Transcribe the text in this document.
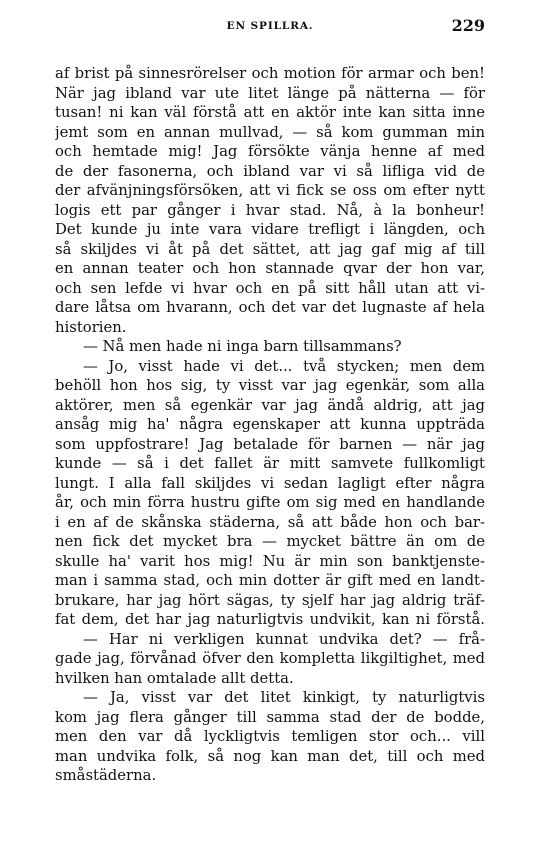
EN SPILLRA.	229
af brist på sinnesrörelser och motion för armar och ben!
När jag ibland var ute litet länge på nätterna — för
tusan! ni kan väl förstå att en aktör inte kan sitta inne
jemt som en annan mullvad, — så kom gumman min
och hemtade mig! Jag försökte vänja henne af med
de der fasonerna, och ibland var vi så lifliga vid de
der afvänjningsförsöken, att vi fick se oss om efter nytt
logis ett par gånger i hvar stad. Nå, à la bonheur!
Det kunde ju inte vara vidare trefligt i längden, och
så skiljdes vi åt på det sättet, att jag gaf mig af till
en annan teater och hon stannade qvar der hon var,
och sen lefde vi hvar och en på sitt håll utan att vi-
dare låtsa om hvarann, och det var det lugnaste af hela
historien.
— Nå men hade ni inga barn tillsammans?
— Jo, visst hade vi det... två stycken; men dem
behöll hon hos sig, ty visst var jag egenkär, som alla
aktörer, men så egenkär var jag ändå aldrig, att jag
ansåg mig ha' några egenskaper att kunna uppträda
som uppfostrare! Jag betalade för barnen — när jag
kunde — så i det fallet är mitt samvete fullkomligt
lungt. I alla fall skiljdes vi sedan lagligt efter några
år, och min förra hustru gifte om sig med en handlande
i en af de skånska städerna, så att både hon och bar-
nen fick det mycket bra — mycket bättre än om de
skulle ha' varit hos mig! Nu är min son banktjenste-
man i samma stad, och min dotter är gift med en landt-
brukare, har jag hört sägas, ty sjelf har jag aldrig träf-
fat dem, det har jag naturligtvis undvikit, kan ni förstå.
— Har ni verkligen kunnat undvika det? — frå-
gade jag, förvånad öfver den kompletta likgiltighet, med
hvilken han omtalade allt detta.
— Ja, visst var det litet kinkigt, ty naturligtvis
kom jag flera gånger till samma stad der de bodde,
men den var då lyckligtvis temligen stor och... vill
man undvika folk, så nog kan man det, till och med
småstäderna.
